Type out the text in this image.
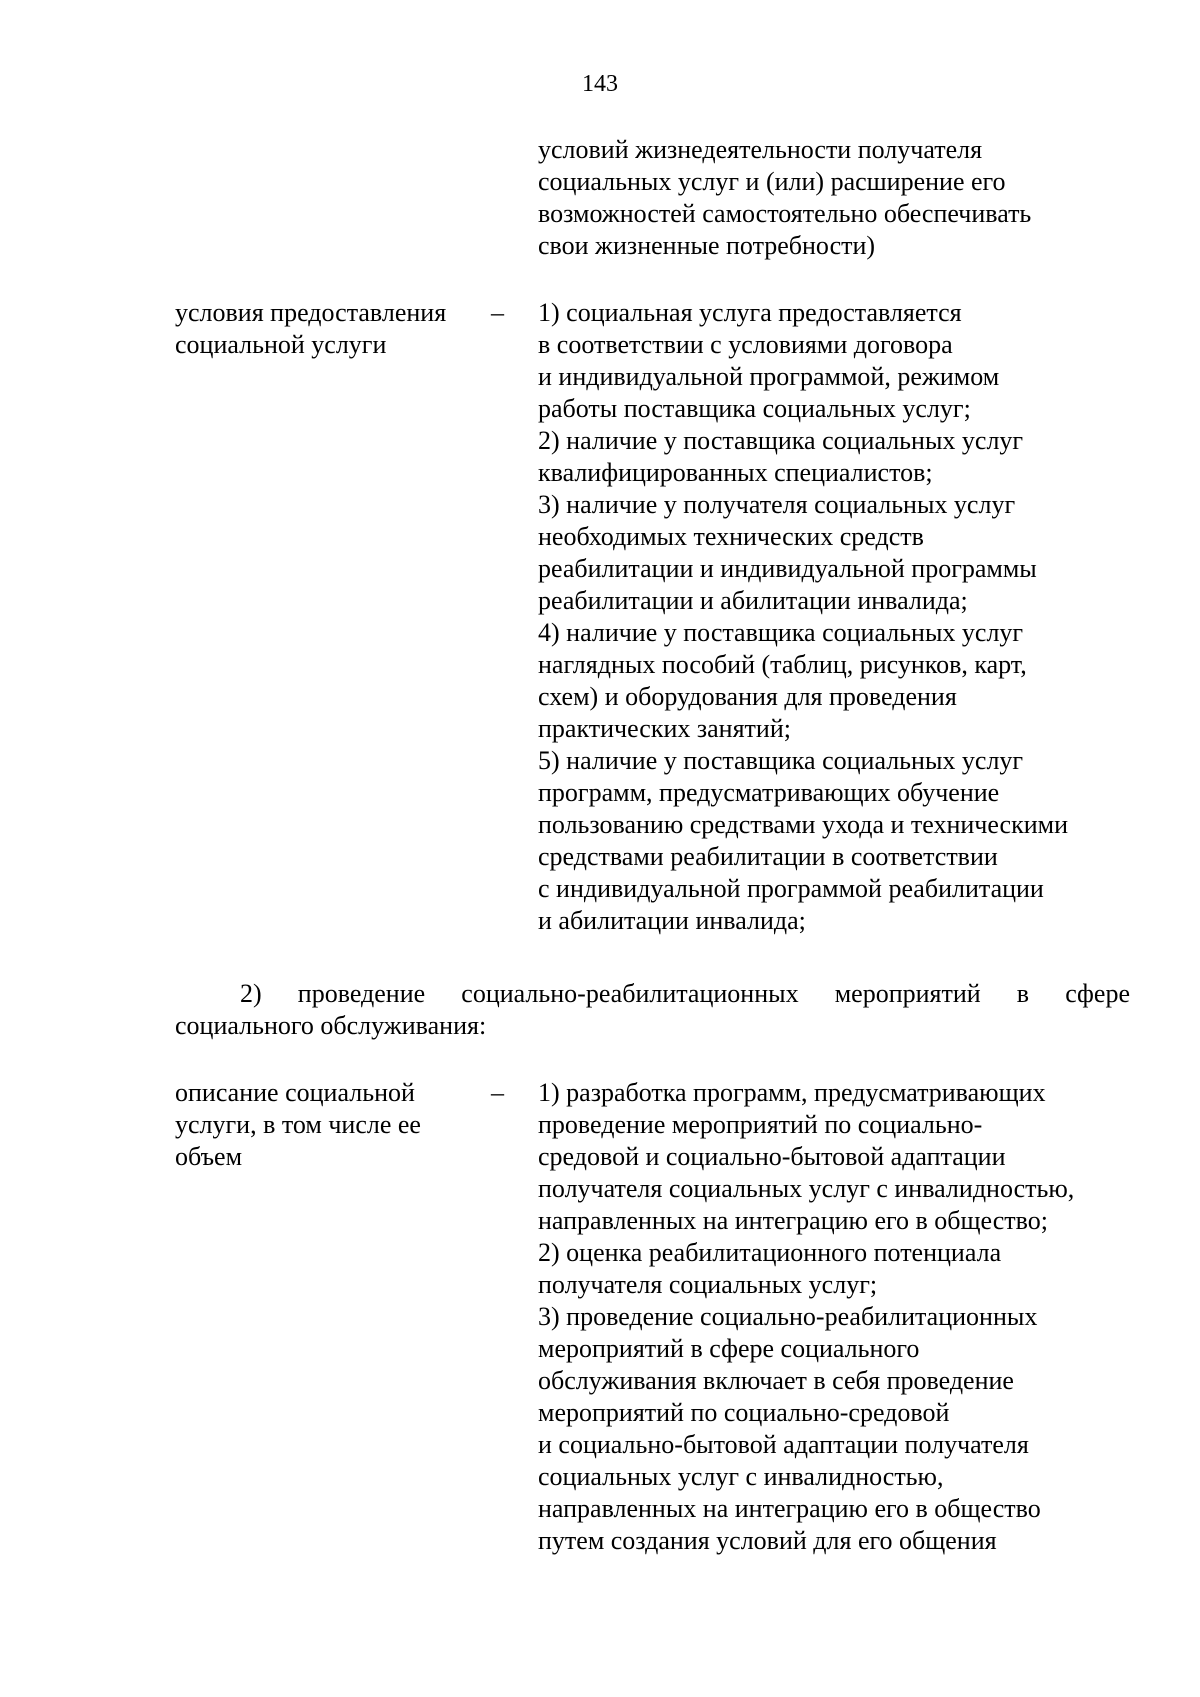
143
условий жизнедеятельности получателя
социальных услуг и (или) расширение его
возможностей самостоятельно обеспечивать
свои жизненные потребности)
условия предоставления
социальной услуги
– 1) социальная услуга предоставляется
в соответствии с условиями договора
и индивидуальной программой, режимом
работы поставщика социальных услуг;
2) наличие у поставщика социальных услуг
квалифицированных специалистов;
3) наличие у получателя социальных услуг
необходимых технических средств
реабилитации и индивидуальной программы
реабилитации и абилитации инвалида;
4) наличие у поставщика социальных услуг
наглядных пособий (таблиц, рисунков, карт,
схем) и оборудования для проведения
практических занятий;
5) наличие у поставщика социальных услуг
программ, предусматривающих обучение
пользованию средствами ухода и техническими
средствами реабилитации в соответствии
с индивидуальной программой реабилитации
и абилитации инвалида;
2) проведение социально-реабилитационных мероприятий в сфере
социального обслуживания:
описание социальной
услуги, в том числе ее
объем
– 1) разработка программ, предусматривающих
проведение мероприятий по социально-
средовой и социально-бытовой адаптации
получателя социальных услуг с инвалидностью,
направленных на интеграцию его в общество;
2) оценка реабилитационного потенциала
получателя социальных услуг;
3) проведение социально-реабилитационных
мероприятий в сфере социального
обслуживания включает в себя проведение
мероприятий по социально-средовой
и социально-бытовой адаптации получателя
социальных услуг с инвалидностью,
направленных на интеграцию его в общество
путем создания условий для его общения
